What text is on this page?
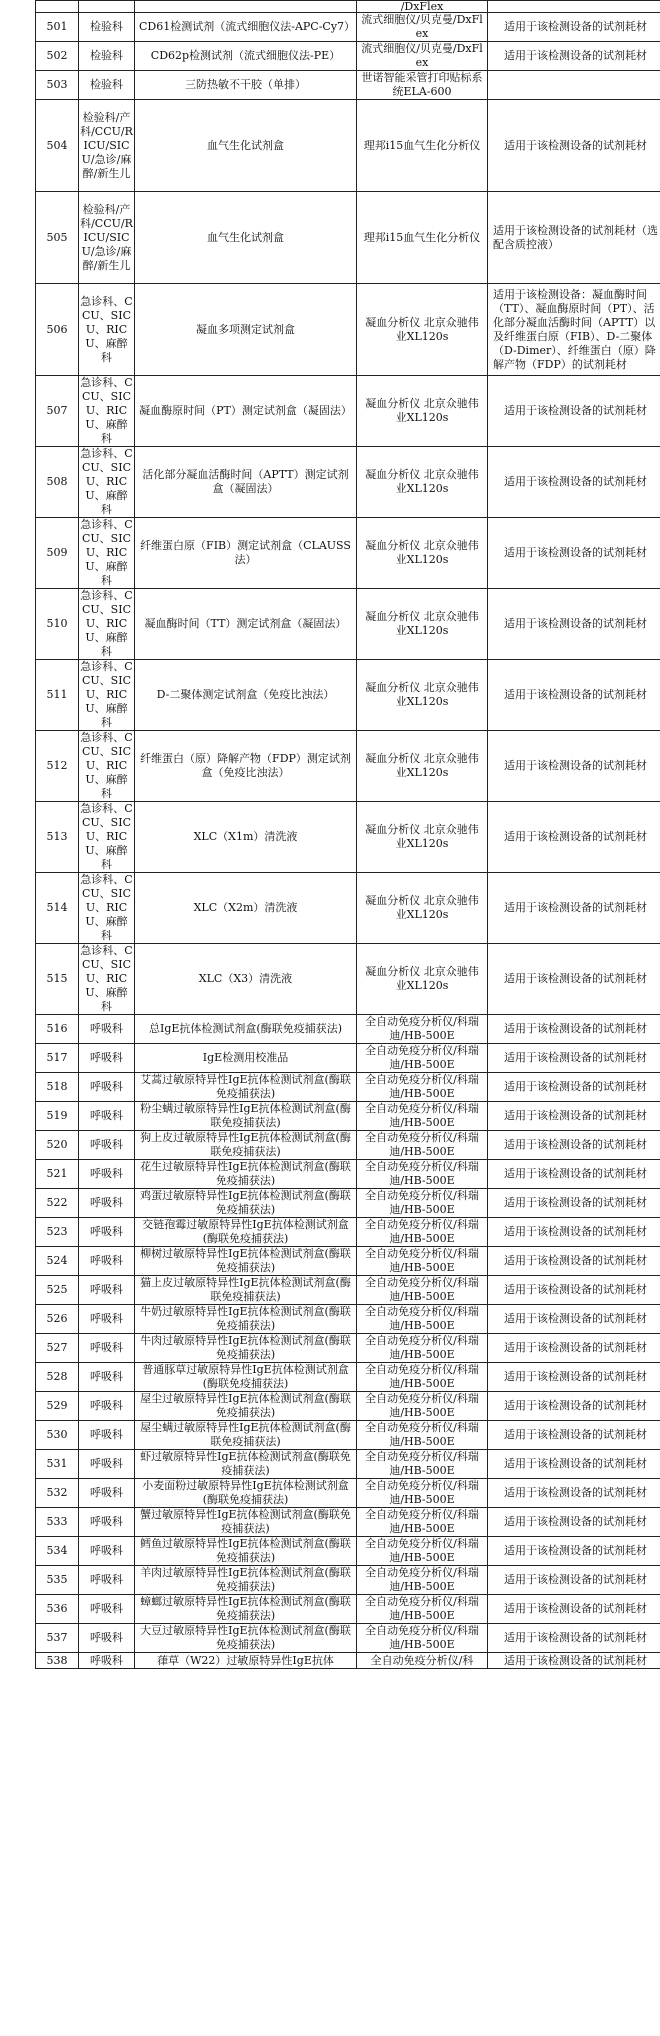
			/DxFlex	
501	检验科	CD61检测试剂（流式细胞仪法-APC-Cy7）	流式细胞仪/贝克曼/DxFlex	适用于该检测设备的试剂耗材
502	检验科	CD62p检测试剂（流式细胞仪法-PE）	流式细胞仪/贝克曼/DxFlex	适用于该检测设备的试剂耗材
503	检验科	三防热敏不干胶（单排）	世诺智能采管打印贴标系统ELA-600	
504	检验科/产科/CCU/RICU/SICU/急诊/麻醉/新生儿	血气生化试剂盒	理邦i15血气生化分析仪	适用于该检测设备的试剂耗材
505	检验科/产科/CCU/RICU/SICU/急诊/麻醉/新生儿	血气生化试剂盒	理邦i15血气生化分析仪	适用于该检测设备的试剂耗材（选配含质控液）
506	急诊科、CCU、SICU、RICU、麻醉科	凝血多项测定试剂盒	凝血分析仪 北京众驰伟业XL120s	适用于该检测设备：凝血酶时间（TT）、凝血酶原时间（PT）、活化部分凝血活酶时间（APTT）以及纤维蛋白原（FIB）、D-二聚体（D-Dimer）、纤维蛋白（原）降解产物（FDP）的试剂耗材
507	急诊科、CCU、SICU、RICU、麻醉科	凝血酶原时间（PT）测定试剂盒（凝固法）	凝血分析仪 北京众驰伟业XL120s	适用于该检测设备的试剂耗材
508	急诊科、CCU、SICU、RICU、麻醉科	活化部分凝血活酶时间（APTT）测定试剂盒（凝固法）	凝血分析仪 北京众驰伟业XL120s	适用于该检测设备的试剂耗材
509	急诊科、CCU、SICU、RICU、麻醉科	纤维蛋白原（FIB）测定试剂盒（CLAUSS法）	凝血分析仪 北京众驰伟业XL120s	适用于该检测设备的试剂耗材
510	急诊科、CCU、SICU、RICU、麻醉科	凝血酶时间（TT）测定试剂盒（凝固法）	凝血分析仪 北京众驰伟业XL120s	适用于该检测设备的试剂耗材
511	急诊科、CCU、SICU、RICU、麻醉科	D-二聚体测定试剂盒（免疫比浊法）	凝血分析仪 北京众驰伟业XL120s	适用于该检测设备的试剂耗材
512	急诊科、CCU、SICU、RICU、麻醉科	纤维蛋白（原）降解产物（FDP）测定试剂盒（免疫比浊法）	凝血分析仪 北京众驰伟业XL120s	适用于该检测设备的试剂耗材
513	急诊科、CCU、SICU、RICU、麻醉科	XLC（X1m）清洗液	凝血分析仪 北京众驰伟业XL120s	适用于该检测设备的试剂耗材
514	急诊科、CCU、SICU、RICU、麻醉科	XLC（X2m）清洗液	凝血分析仪 北京众驰伟业XL120s	适用于该检测设备的试剂耗材
515	急诊科、CCU、SICU、RICU、麻醉科	XLC（X3）清洗液	凝血分析仪 北京众驰伟业XL120s	适用于该检测设备的试剂耗材
516	呼吸科	总IgE抗体检测试剂盒(酶联免疫捕获法)	全自动免疫分析仪/科瑞迪/HB-500E	适用于该检测设备的试剂耗材
517	呼吸科	IgE检测用校准品	全自动免疫分析仪/科瑞迪/HB-500E	适用于该检测设备的试剂耗材
518	呼吸科	艾蒿过敏原特异性IgE抗体检测试剂盒(酶联免疫捕获法)	全自动免疫分析仪/科瑞迪/HB-500E	适用于该检测设备的试剂耗材
519	呼吸科	粉尘螨过敏原特异性IgE抗体检测试剂盒(酶联免疫捕获法)	全自动免疫分析仪/科瑞迪/HB-500E	适用于该检测设备的试剂耗材
520	呼吸科	狗上皮过敏原特异性IgE抗体检测试剂盒(酶联免疫捕获法)	全自动免疫分析仪/科瑞迪/HB-500E	适用于该检测设备的试剂耗材
521	呼吸科	花生过敏原特异性IgE抗体检测试剂盒(酶联免疫捕获法)	全自动免疫分析仪/科瑞迪/HB-500E	适用于该检测设备的试剂耗材
522	呼吸科	鸡蛋过敏原特异性IgE抗体检测试剂盒(酶联免疫捕获法)	全自动免疫分析仪/科瑞迪/HB-500E	适用于该检测设备的试剂耗材
523	呼吸科	交链孢霉过敏原特异性IgE抗体检测试剂盒(酶联免疫捕获法)	全自动免疫分析仪/科瑞迪/HB-500E	适用于该检测设备的试剂耗材
524	呼吸科	柳树过敏原特异性IgE抗体检测试剂盒(酶联免疫捕获法)	全自动免疫分析仪/科瑞迪/HB-500E	适用于该检测设备的试剂耗材
525	呼吸科	猫上皮过敏原特异性IgE抗体检测试剂盒(酶联免疫捕获法)	全自动免疫分析仪/科瑞迪/HB-500E	适用于该检测设备的试剂耗材
526	呼吸科	牛奶过敏原特异性IgE抗体检测试剂盒(酶联免疫捕获法)	全自动免疫分析仪/科瑞迪/HB-500E	适用于该检测设备的试剂耗材
527	呼吸科	牛肉过敏原特异性IgE抗体检测试剂盒(酶联免疫捕获法)	全自动免疫分析仪/科瑞迪/HB-500E	适用于该检测设备的试剂耗材
528	呼吸科	普通豚草过敏原特异性IgE抗体检测试剂盒(酶联免疫捕获法)	全自动免疫分析仪/科瑞迪/HB-500E	适用于该检测设备的试剂耗材
529	呼吸科	屋尘过敏原特异性IgE抗体检测试剂盒(酶联免疫捕获法)	全自动免疫分析仪/科瑞迪/HB-500E	适用于该检测设备的试剂耗材
530	呼吸科	屋尘螨过敏原特异性IgE抗体检测试剂盒(酶联免疫捕获法)	全自动免疫分析仪/科瑞迪/HB-500E	适用于该检测设备的试剂耗材
531	呼吸科	虾过敏原特异性IgE抗体检测试剂盒(酶联免疫捕获法)	全自动免疫分析仪/科瑞迪/HB-500E	适用于该检测设备的试剂耗材
532	呼吸科	小麦面粉过敏原特异性IgE抗体检测试剂盒(酶联免疫捕获法)	全自动免疫分析仪/科瑞迪/HB-500E	适用于该检测设备的试剂耗材
533	呼吸科	蟹过敏原特异性IgE抗体检测试剂盒(酶联免疫捕获法)	全自动免疫分析仪/科瑞迪/HB-500E	适用于该检测设备的试剂耗材
534	呼吸科	鳕鱼过敏原特异性IgE抗体检测试剂盒(酶联免疫捕获法)	全自动免疫分析仪/科瑞迪/HB-500E	适用于该检测设备的试剂耗材
535	呼吸科	羊肉过敏原特异性IgE抗体检测试剂盒(酶联免疫捕获法)	全自动免疫分析仪/科瑞迪/HB-500E	适用于该检测设备的试剂耗材
536	呼吸科	蟑螂过敏原特异性IgE抗体检测试剂盒(酶联免疫捕获法)	全自动免疫分析仪/科瑞迪/HB-500E	适用于该检测设备的试剂耗材
537	呼吸科	大豆过敏原特异性IgE抗体检测试剂盒(酶联免疫捕获法)	全自动免疫分析仪/科瑞迪/HB-500E	适用于该检测设备的试剂耗材
538	呼吸科	葎草（W22）过敏原特异性IgE抗体	全自动免疫分析仪/科	适用于该检测设备的试剂耗材
